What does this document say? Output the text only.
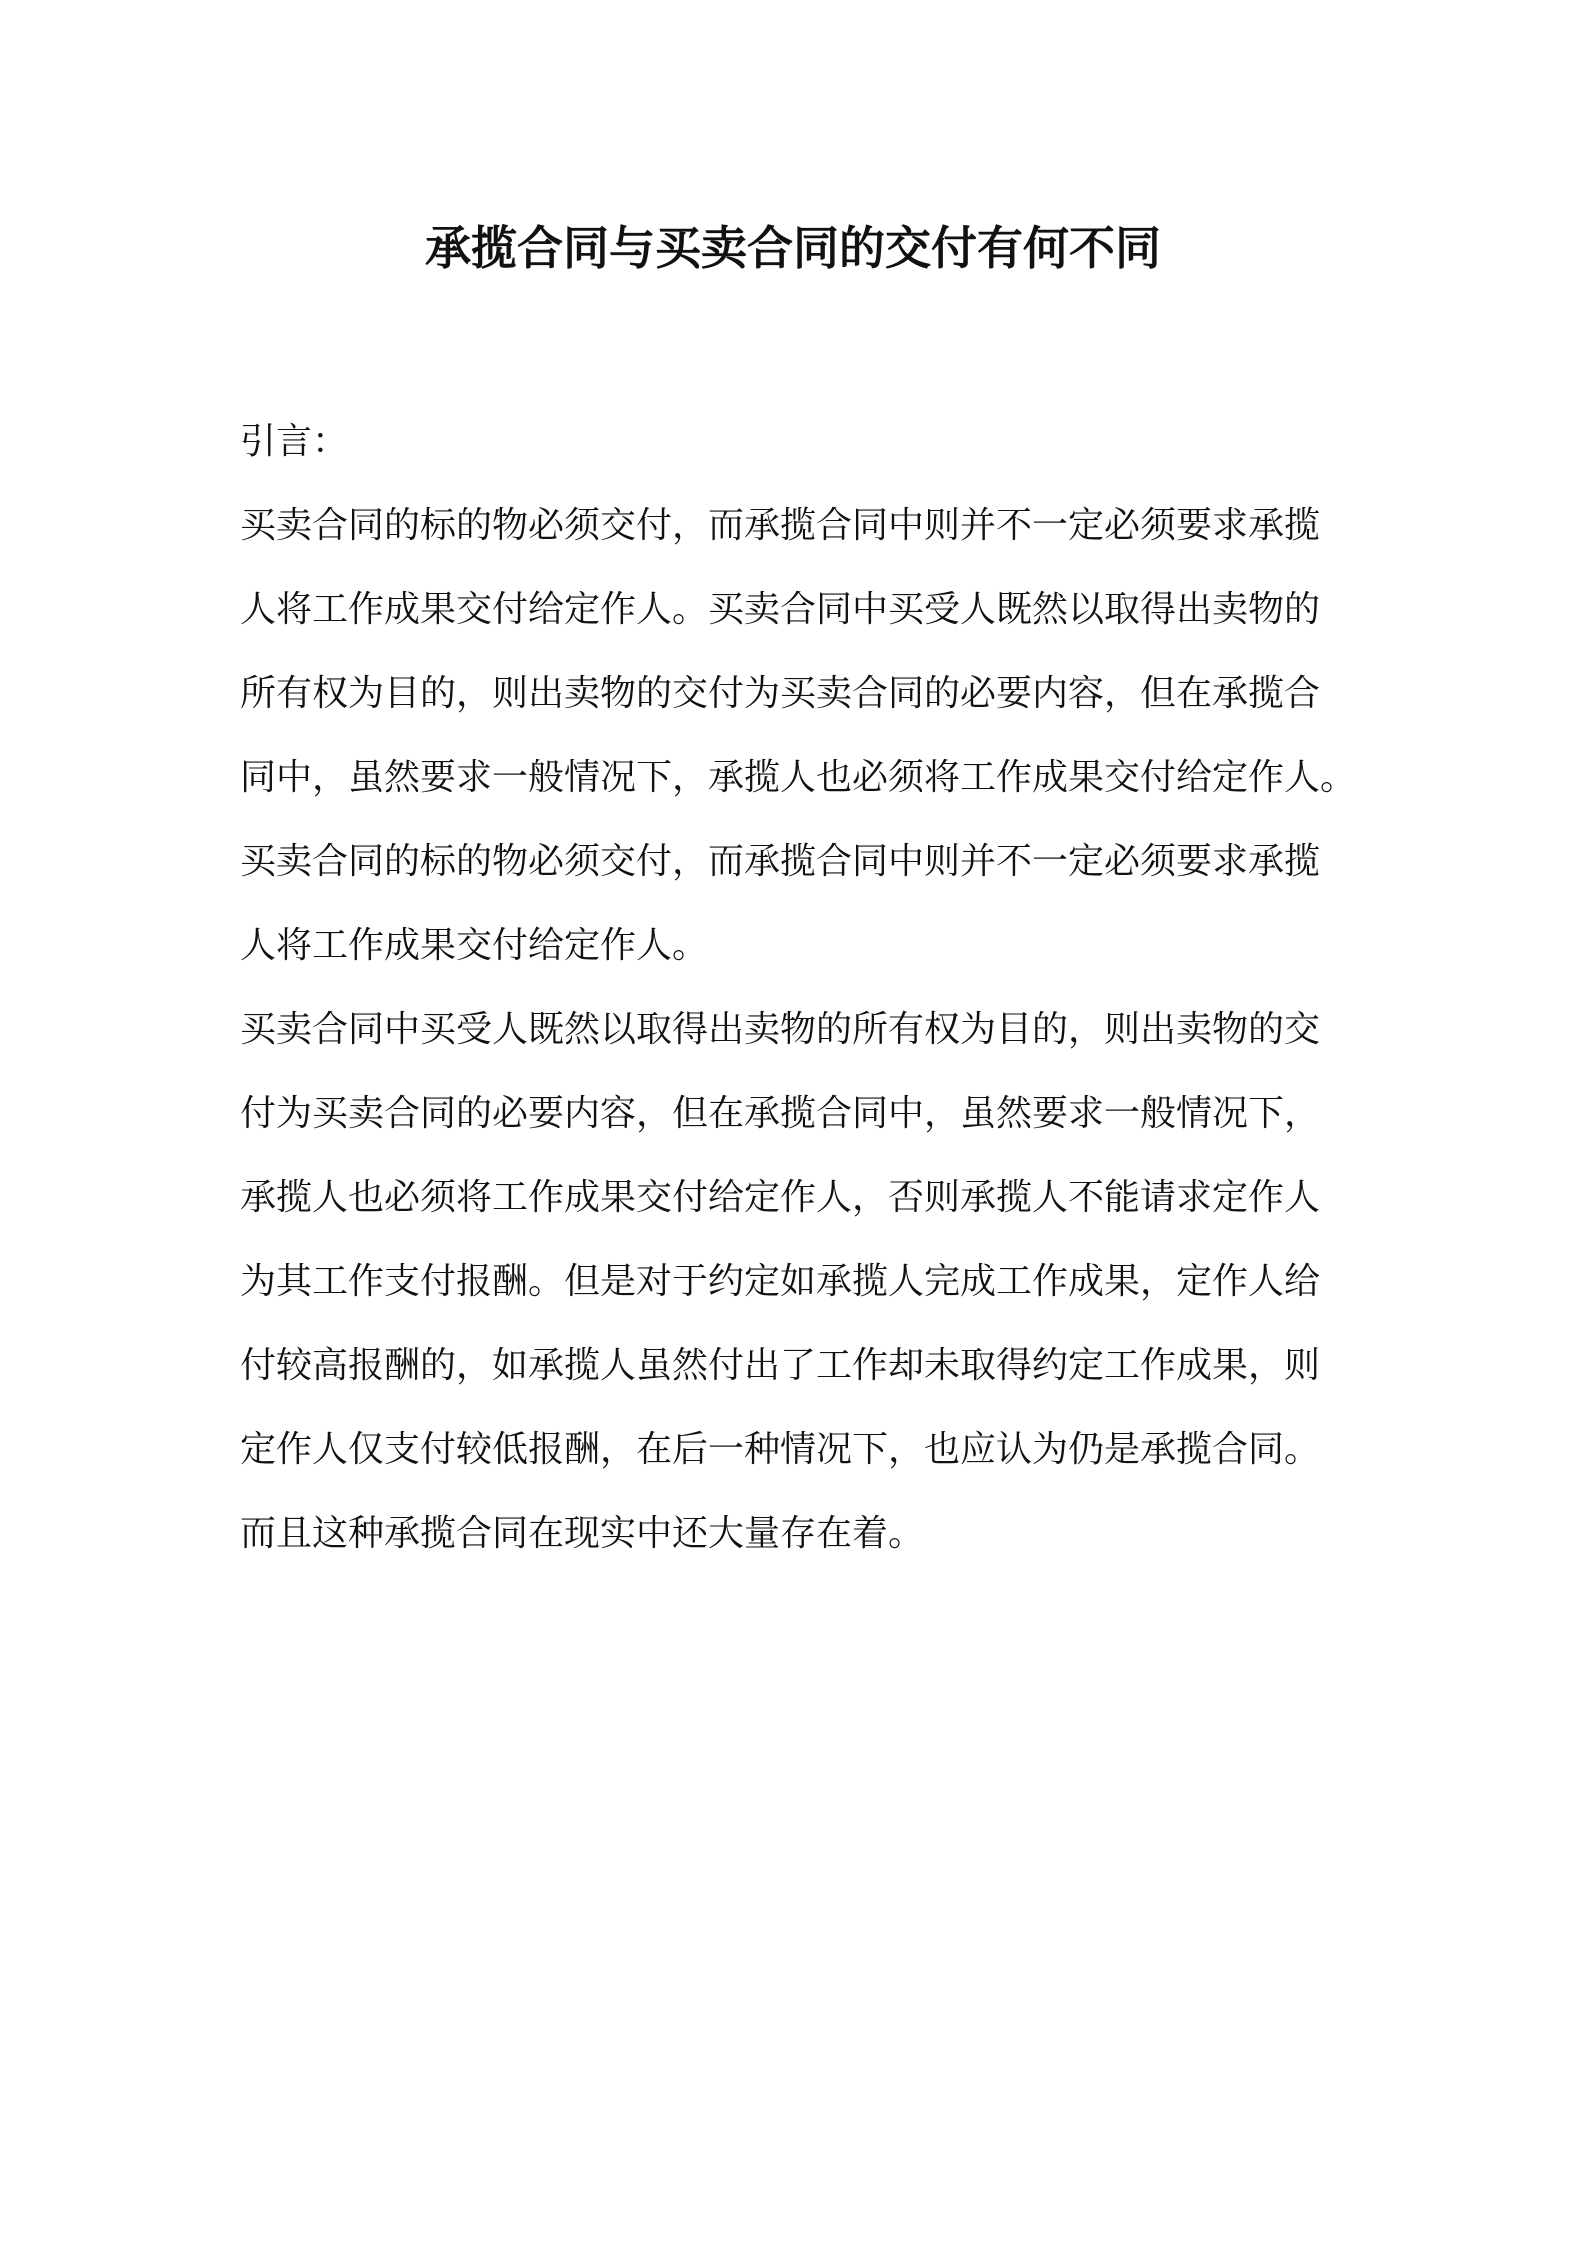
承揽合同与买卖合同的交付有何不同
引言：
买卖合同的标的物必须交付，而承揽合同中则并不一定必须要求承揽
人将工作成果交付给定作人。买卖合同中买受人既然以取得出卖物的
所有权为目的，则出卖物的交付为买卖合同的必要内容，但在承揽合
同中，虽然要求一般情况下，承揽人也必须将工作成果交付给定作人。
买卖合同的标的物必须交付，而承揽合同中则并不一定必须要求承揽
人将工作成果交付给定作人。
买卖合同中买受人既然以取得出卖物的所有权为目的，则出卖物的交
付为买卖合同的必要内容，但在承揽合同中，虽然要求一般情况下，
承揽人也必须将工作成果交付给定作人，否则承揽人不能请求定作人
为其工作支付报酬。但是对于约定如承揽人完成工作成果，定作人给
付较高报酬的，如承揽人虽然付出了工作却未取得约定工作成果，则
定作人仅支付较低报酬，在后一种情况下，也应认为仍是承揽合同。
而且这种承揽合同在现实中还大量存在着。
